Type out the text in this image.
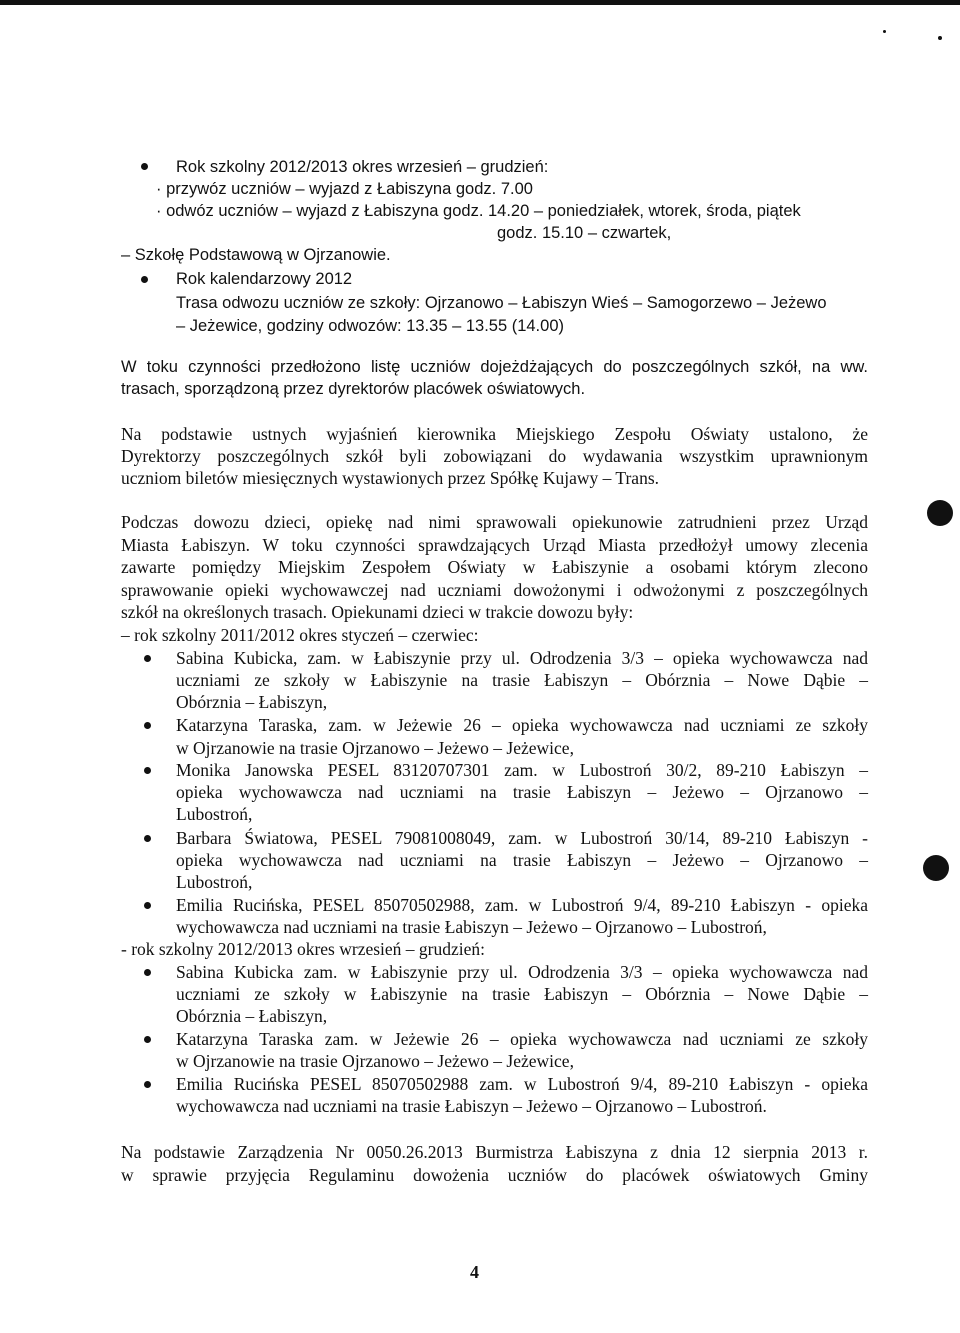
Rok szkolny 2012/2013 okres wrzesień – grudzień:
· przywóz uczniów – wyjazd z Łabiszyna godz. 7.00
· odwóz uczniów – wyjazd z Łabiszyna godz. 14.20 – poniedziałek, wtorek, środa, piątek
godz. 15.10 – czwartek,
– Szkołę Podstawową w Ojrzanowie.
Rok kalendarzowy 2012
Trasa odwozu uczniów ze szkoły: Ojrzanowo – Łabiszyn Wieś – Samogorzewo – Jeżewo
– Jeżewice, godziny odwozów: 13.35 – 13.55 (14.00)
W toku czynności przedłożono listę uczniów dojeżdżających do poszczególnych szkół, na ww.
trasach, sporządzoną przez dyrektorów placówek oświatowych.
Na podstawie ustnych wyjaśnień kierownika Miejskiego Zespołu Oświaty ustalono, że
Dyrektorzy poszczególnych szkół byli zobowiązani do wydawania wszystkim uprawnionym
uczniom biletów miesięcznych wystawionych przez Spółkę Kujawy – Trans.
Podczas dowozu dzieci, opiekę nad nimi sprawowali opiekunowie zatrudnieni przez Urząd
Miasta Łabiszyn. W toku czynności sprawdzających Urząd Miasta przedłożył umowy zlecenia
zawarte pomiędzy Miejskim Zespołem Oświaty w Łabiszynie a osobami którym zlecono
sprawowanie opieki wychowawczej nad uczniami dowożonymi i odwożonymi z poszczególnych
szkół na określonych trasach. Opiekunami dzieci w trakcie dowozu były:
– rok szkolny 2011/2012 okres styczeń – czerwiec:
Sabina Kubicka, zam. w Łabiszynie przy ul. Odrodzenia 3/3 – opieka wychowawcza nad
uczniami ze szkoły w Łabiszynie na trasie Łabiszyn – Obórznia – Nowe Dąbie –
Obórznia – Łabiszyn,
Katarzyna Taraska, zam. w Jeżewie 26 – opieka wychowawcza nad uczniami ze szkoły
w Ojrzanowie na trasie Ojrzanowo – Jeżewo – Jeżewice,
Monika Janowska PESEL 83120707301 zam. w Lubostroń 30/2, 89-210 Łabiszyn –
opieka wychowawcza nad uczniami na trasie Łabiszyn – Jeżewo – Ojrzanowo –
Lubostroń,
Barbara Światowa, PESEL 79081008049, zam. w Lubostroń 30/14, 89-210 Łabiszyn -
opieka wychowawcza nad uczniami na trasie Łabiszyn – Jeżewo – Ojrzanowo –
Lubostroń,
Emilia Rucińska, PESEL 85070502988, zam. w Lubostroń 9/4, 89-210 Łabiszyn - opieka
wychowawcza nad uczniami na trasie Łabiszyn – Jeżewo – Ojrzanowo – Lubostroń,
- rok szkolny 2012/2013 okres wrzesień – grudzień:
Sabina Kubicka zam. w Łabiszynie przy ul. Odrodzenia 3/3 – opieka wychowawcza nad
uczniami ze szkoły w Łabiszynie na trasie Łabiszyn – Obórznia – Nowe Dąbie –
Obórznia – Łabiszyn,
Katarzyna Taraska zam. w Jeżewie 26 – opieka wychowawcza nad uczniami ze szkoły
w Ojrzanowie na trasie Ojrzanowo – Jeżewo – Jeżewice,
Emilia Rucińska PESEL 85070502988 zam. w Lubostroń 9/4, 89-210 Łabiszyn - opieka
wychowawcza nad uczniami na trasie Łabiszyn – Jeżewo – Ojrzanowo – Lubostroń.
Na podstawie Zarządzenia Nr 0050.26.2013 Burmistrza Łabiszyna z dnia 12 sierpnia 2013 r.
w sprawie przyjęcia Regulaminu dowożenia uczniów do placówek oświatowych Gminy
4
